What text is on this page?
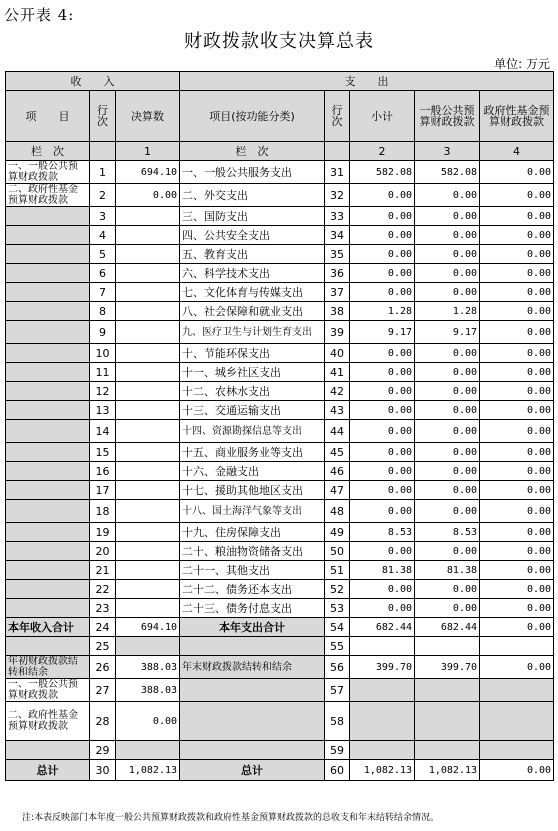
公开表 4:
财政拨款收支决算总表
单位: 万元
收　　入			支　　出				
项　　目	行次	决算数	项目(按功能分类)	行次	小计	一般公共预算财政拨款	政府性基金预算财政拨款
栏　次		1	栏　次		2	3	4
一、一般公共预算财政拨款	1	694.10	一、一般公共服务支出	31	582.08	582.08	0.00
二、政府性基金预算财政拨款	2	0.00	二、外交支出	32	0.00	0.00	0.00
	3		三、国防支出	33	0.00	0.00	0.00
	4		四、公共安全支出	34	0.00	0.00	0.00
	5		五、教育支出	35	0.00	0.00	0.00
	6		六、科学技术支出	36	0.00	0.00	0.00
	7		七、文化体育与传媒支出	37	0.00	0.00	0.00
	8		八、社会保障和就业支出	38	1.28	1.28	0.00
	9		九、医疗卫生与计划生育支出	39	9.17	9.17	0.00
	10		十、节能环保支出	40	0.00	0.00	0.00
	11		十一、城乡社区支出	41	0.00	0.00	0.00
	12		十二、农林水支出	42	0.00	0.00	0.00
	13		十三、交通运输支出	43	0.00	0.00	0.00
	14		十四、资源勘探信息等支出	44	0.00	0.00	0.00
	15		十五、商业服务业等支出	45	0.00	0.00	0.00
	16		十六、金融支出	46	0.00	0.00	0.00
	17		十七、援助其他地区支出	47	0.00	0.00	0.00
	18		十八、国土海洋气象等支出	48	0.00	0.00	0.00
	19		十九、住房保障支出	49	8.53	8.53	0.00
	20		二十、粮油物资储备支出	50	0.00	0.00	0.00
	21		二十一、其他支出	51	81.38	81.38	0.00
	22		二十二、债务还本支出	52	0.00	0.00	0.00
	23		二十三、债务付息支出	53	0.00	0.00	0.00
本年收入合计	24	694.10	本年支出合计	54	682.44	682.44	0.00
	25			55			
年初财政拨款结转和结余	26	388.03	年末财政拨款结转和结余	56	399.70	399.70	0.00
一、一般公共预算财政拨款	27	388.03		57			
二、政府性基金预算财政拨款	28	0.00		58			
	29			59			
总计	30	1,082.13	总计	60	1,082.13	1,082.13	0.00
注:本表反映部门本年度一般公共预算财政拨款和政府性基金预算财政拨款的总收支和年末结转结余情况。
